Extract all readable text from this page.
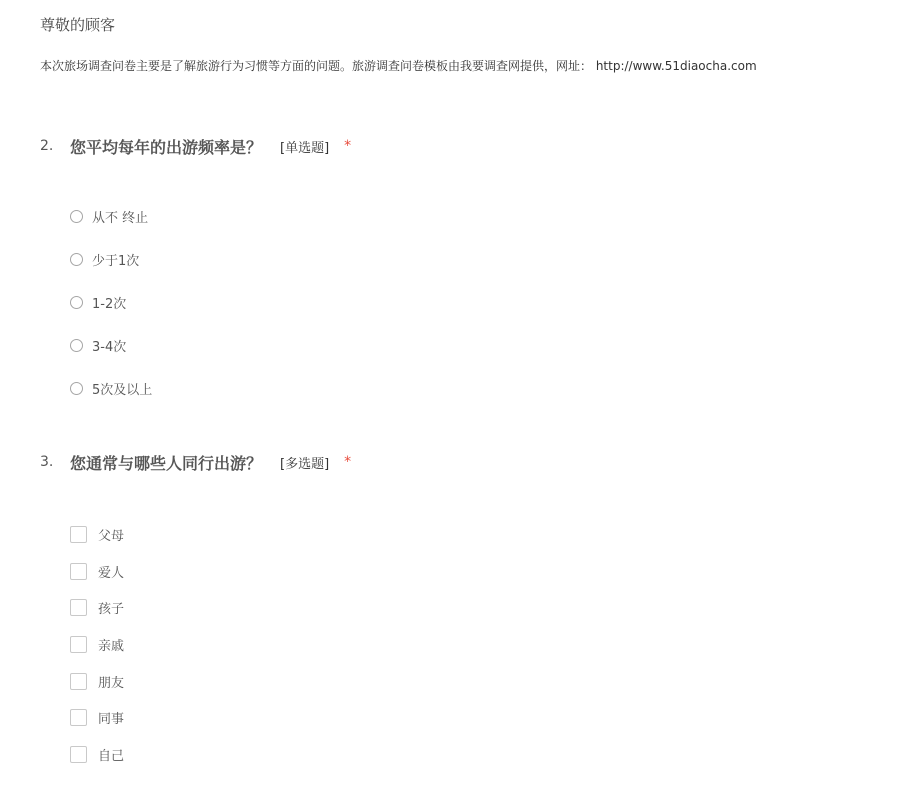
尊敬的顾客
本次旅场调查问卷主要是了解旅游行为习惯等方面的问题。旅游调查问卷模板由我要调查网提供，网址： http://www.51diaocha.com
2.	您平均每年的出游频率是？ [单选题] *
从不 终止
少于1次
1-2次
3-4次
5次及以上
3.	您通常与哪些人同行出游？ [多选题] *
父母
爱人
孩子
亲戚
朋友
同事
自己
